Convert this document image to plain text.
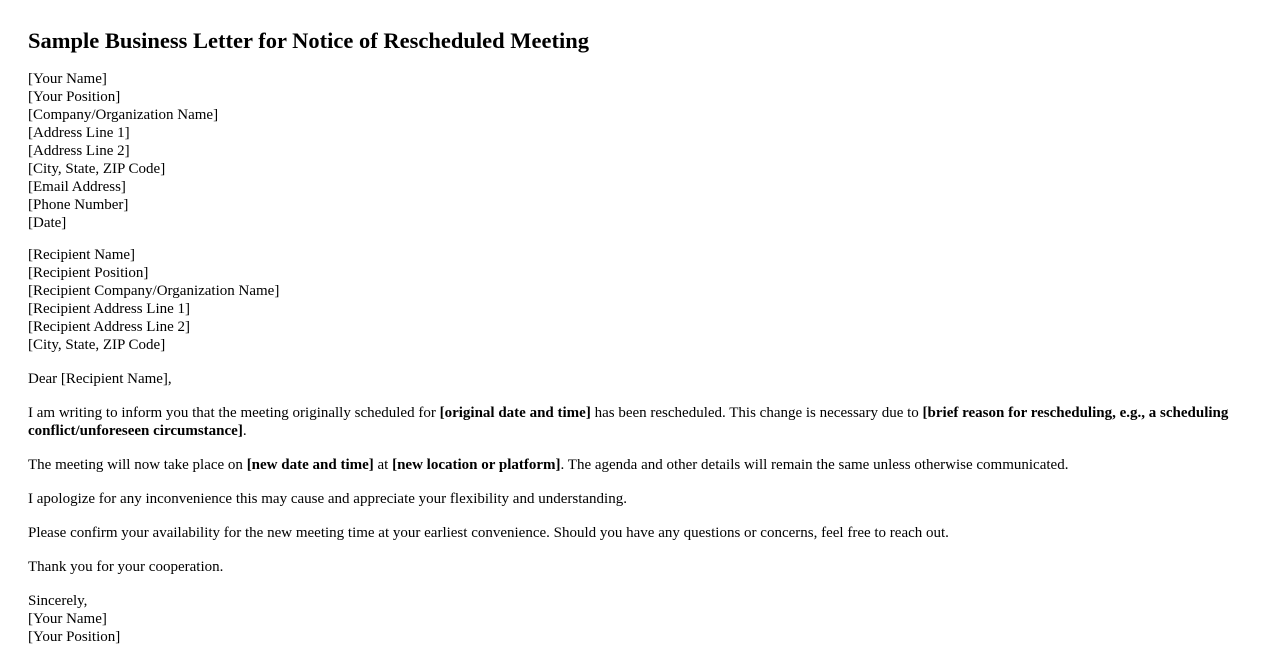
Sample Business Letter for Notice of Rescheduled Meeting
[Your Name]
[Your Position]
[Company/Organization Name]
[Address Line 1]
[Address Line 2]
[City, State, ZIP Code]
[Email Address]
[Phone Number]
[Date]
[Recipient Name]
[Recipient Position]
[Recipient Company/Organization Name]
[Recipient Address Line 1]
[Recipient Address Line 2]
[City, State, ZIP Code]

Dear [Recipient Name],

I am writing to inform you that the meeting originally scheduled for [original date and time] has been rescheduled. This change is necessary due to [brief reason for rescheduling, e.g., a scheduling conflict/unforeseen circumstance].

The meeting will now take place on [new date and time] at [new location or platform]. The agenda and other details will remain the same unless otherwise communicated.

I apologize for any inconvenience this may cause and appreciate your flexibility and understanding.

Please confirm your availability for the new meeting time at your earliest convenience. Should you have any questions or concerns, feel free to reach out.

Thank you for your cooperation.

Sincerely,
[Your Name]
[Your Position]
